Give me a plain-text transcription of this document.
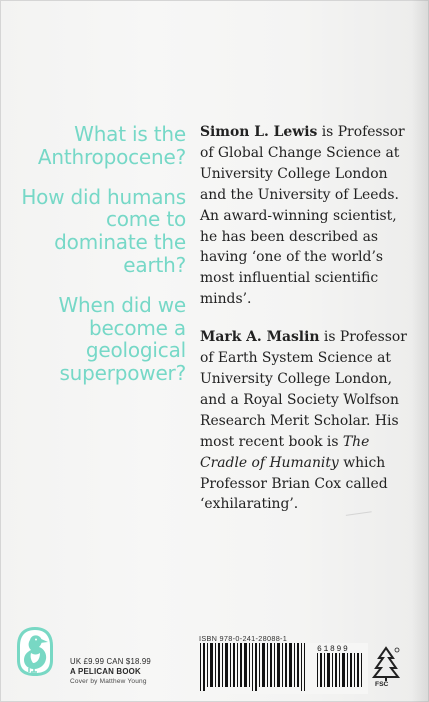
What is the Anthropocene?
How did humans come to dominate the earth?
When did we become a geological superpower?
Simon L. Lewis is Professor
of Global Change Science at
University College London
and the University of Leeds.
An award-winning scientist,
he has been described as
having ‘one of the world’s
most influential scientific
minds’.
Mark A. Maslin is Professor
of Earth System Science at
University College London,
and a Royal Society Wolfson
Research Merit Scholar. His
most recent book is The
Cradle of Humanity which
Professor Brian Cox called
‘exhilarating’.
UK £9.99 CAN $18.99
A PELICAN BOOK
Cover by Matthew Young
ISBN 978-0-241-28088-1
61899
FSC
